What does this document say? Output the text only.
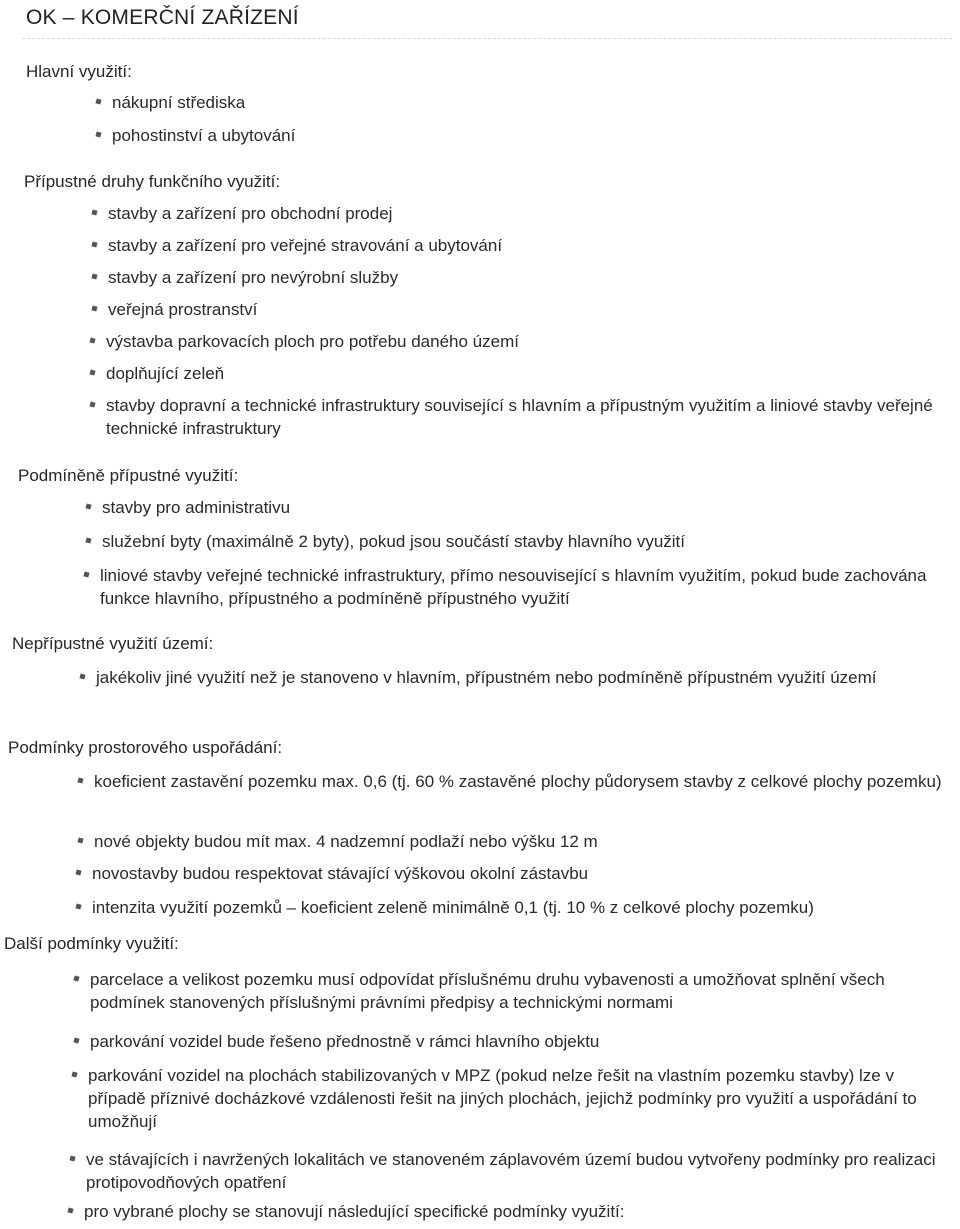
OK – KOMERČNÍ ZAŘÍZENÍ
Hlavní využití:
nákupní střediska
pohostinství a ubytování
Přípustné druhy funkčního využití:
stavby a zařízení pro obchodní prodej
stavby a zařízení pro veřejné stravování a ubytování
stavby a zařízení pro nevýrobní služby
veřejná prostranství
výstavba parkovacích ploch pro potřebu daného území
doplňující zeleň
stavby dopravní a technické infrastruktury související s hlavním a přípustným využitím a liniové stavby veřejné technické infrastruktury
Podmíněně přípustné využití:
stavby pro administrativu
služební byty (maximálně 2 byty), pokud jsou součástí stavby hlavního využití
liniové stavby veřejné technické infrastruktury, přímo nesouvisející s hlavním využitím, pokud bude zachována funkce hlavního, přípustného a podmíněně přípustného využití
Nepřípustné využití území:
jakékoliv jiné využití než je stanoveno v hlavním, přípustném nebo podmíněně přípustném využití území
Podmínky prostorového uspořádání:
koeficient zastavění pozemku max. 0,6 (tj. 60 % zastavěné plochy půdorysem stavby z celkové plochy pozemku)
nové objekty budou mít max. 4 nadzemní podlaží nebo výšku 12 m
novostavby budou respektovat stávající výškovou okolní zástavbu
intenzita využití pozemků – koeficient zeleně minimálně 0,1 (tj. 10 % z celkové plochy pozemku)
Další podmínky využití:
parcelace a velikost pozemku musí odpovídat příslušnému druhu vybavenosti a umožňovat splnění všech podmínek stanovených příslušnými právními předpisy a technickými normami
parkování vozidel bude řešeno přednostně v rámci hlavního objektu
parkování vozidel na plochách stabilizovaných v MPZ (pokud nelze řešit na vlastním pozemku stavby) lze v případě příznivé docházkové vzdálenosti řešit na jiných plochách, jejichž podmínky pro využití a uspořádání to umožňují
ve stávajících i navržených lokalitách ve stanoveném záplavovém území budou vytvořeny podmínky pro realizaci protipovodňových opatření
pro vybrané plochy se stanovují následující specifické podmínky využití:
